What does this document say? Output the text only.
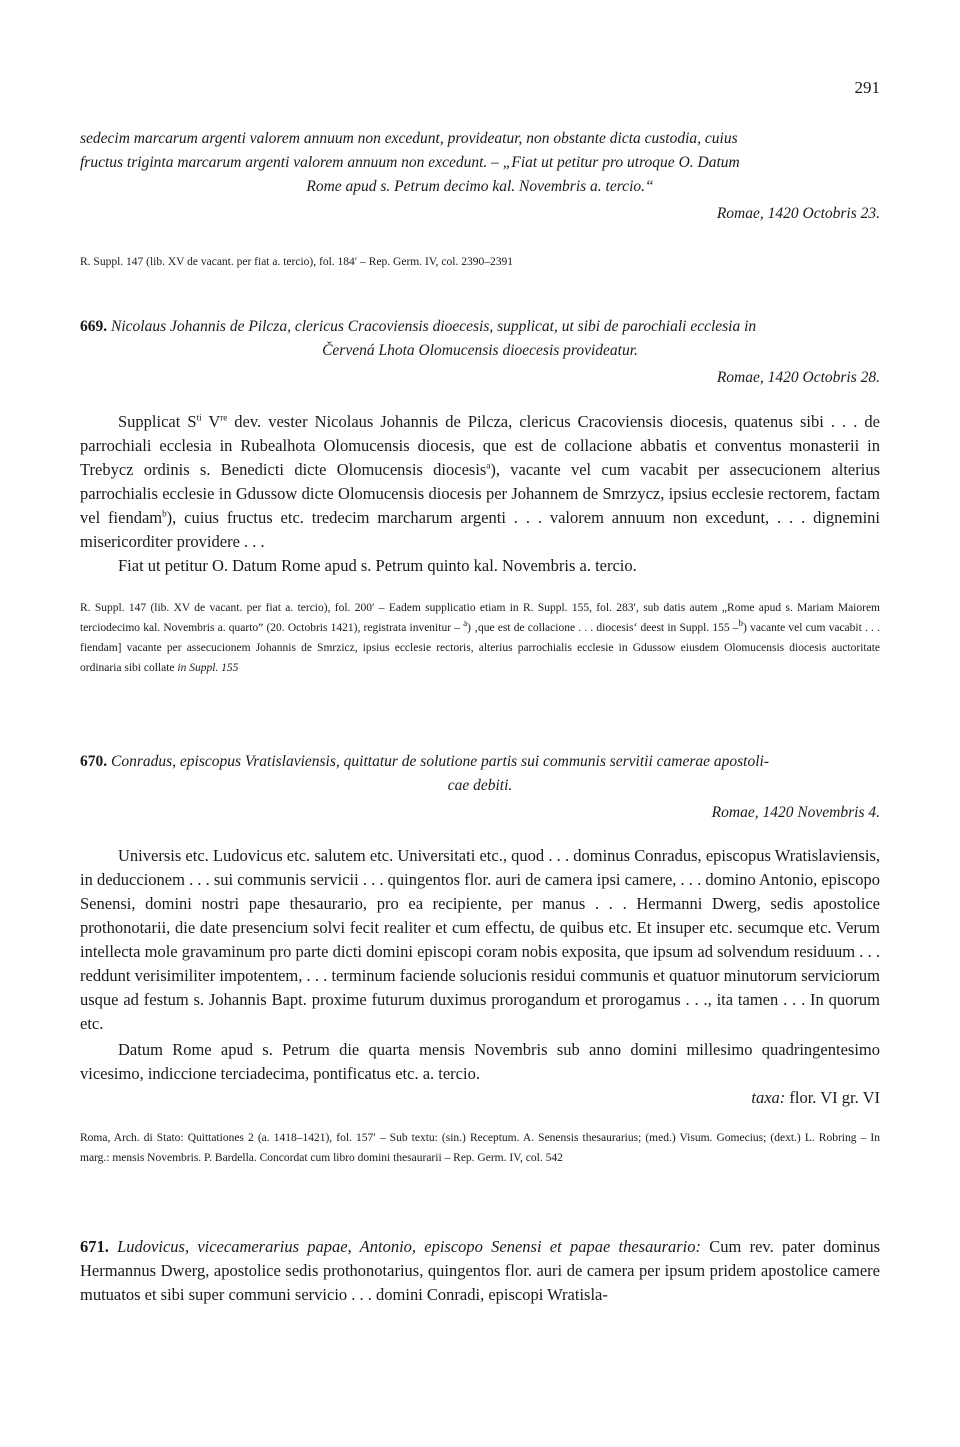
291
sedecim marcarum argenti valorem annuum non excedunt, provideatur, non obstante dicta custodia, cuius
fructus triginta marcarum argenti valorem annuum non excedunt. – „Fiat ut petitur pro utroque O. Datum
Rome apud s. Petrum decimo kal. Novembris a. tercio.“
Romae, 1420 Octobris 23.
R. Suppl. 147 (lib. XV de vacant. per fiat a. tercio), fol. 184′ – Rep. Germ. IV, col. 2390–2391
669. Nicolaus Johannis de Pilcza, clericus Cracoviensis dioecesis, supplicat, ut sibi de parochiali ecclesia in
Červená Lhota Olomucensis dioecesis provideatur.
Romae, 1420 Octobris 28.

Supplicat $S^{ti}$ Vre dev. vester Nicolaus Johannis de Pilcza, clericus Cracoviensis diocesis, quatenus sibi . . . de parrochiali ecclesia in Rubealhota Olomucensis diocesis, que est de collacione abbatis et conventus monasterii in Trebycz ordinis s. Benedicti dicte Olomucensis diocesis$^a$), vacante vel cum vacabit per assecucionem alterius parrochialis ecclesie in Gdussow dicte Olomucensis diocesis per Johannem de Smrzycz, ipsius ecclesie rectorem, factam vel fiendam$^b$), cuius fructus etc. tredecim marcharum argenti . . . valorem annuum non excedunt, . . . dignemini misericorditer providere . . .

Fiat ut petitur O. Datum Rome apud s. Petrum quinto kal. Novembris a. tercio.

R. Suppl. 147 (lib. XV de vacant. per fiat a. tercio), fol. 200′ – Eadem supplicatio etiam in R. Suppl. 155, fol. 283′, sub datis autem „Rome apud s. Mariam Maiorem terciodecimo kal. Novembris a. quarto” (20. Octobris 1421), registrata invenitur – $^a$) ‚que est de collacione . . . diocesis‘ deest in Suppl. 155 –$^b$) vacante vel cum vacabit . . . fiendam] vacante per assecucionem Johannis de Smrzicz, ipsius ecclesie rectoris, alterius parrochialis ecclesie in Gdussow eiusdem Olomucensis diocesis auctoritate ordinaria sibi collate in Suppl. 155
670. Conradus, episcopus Vratislaviensis, quittatur de solutione partis sui communis servitii camerae apostoli-
cae debiti.
Romae, 1420 Novembris 4.

Universis etc. Ludovicus etc. salutem etc. Universitati etc., quod . . . dominus Conradus, episcopus Wratislaviensis, in deduccionem . . . sui communis servicii . . . quingentos flor. auri de camera ipsi camere, . . . domino Antonio, episcopo Senensi, domini nostri pape thesaurario, pro ea recipiente, per manus . . . Hermanni Dwerg, sedis apostolice prothonotarii, die date presencium solvi fecit realiter et cum effectu, de quibus etc. Et insuper etc. secumque etc. Verum intellecta mole gravaminum pro parte dicti domini episcopi coram nobis exposita, que ipsum ad solvendum residuum . . . reddunt verisimiliter impotentem, . . . terminum faciende solucionis residui communis et quatuor minutorum serviciorum usque ad festum s. Johannis Bapt. proxime futurum duximus prorogandum et prorogamus . . ., ita tamen . . . In quorum etc.

Datum Rome apud s. Petrum die quarta mensis Novembris sub anno domini millesimo quadringentesimo vicesimo, indiccione terciadecima, pontificatus etc. a. tercio.

taxa: flor. VI gr. VI
Roma, Arch. di Stato: Quittationes 2 (a. 1418–1421), fol. 157′ – Sub textu: (sin.) Receptum. A. Senensis thesaurarius; (med.) Visum. Gomecius; (dext.) L. Robring – In marg.: mensis Novembris. P. Bardella. Concordat cum libro domini thesaurarii – Rep. Germ. IV, col. 542

671. Ludovicus, vicecamerarius papae, Antonio, episcopo Senensi et papae thesaurario: Cum rev. pater dominus Hermannus Dwerg, apostolice sedis prothonotarius, quingentos flor. auri de camera per ipsum pridem apostolice camere mutuatos et sibi super communi servicio . . . domini Conradi, episcopi Wratisla-
